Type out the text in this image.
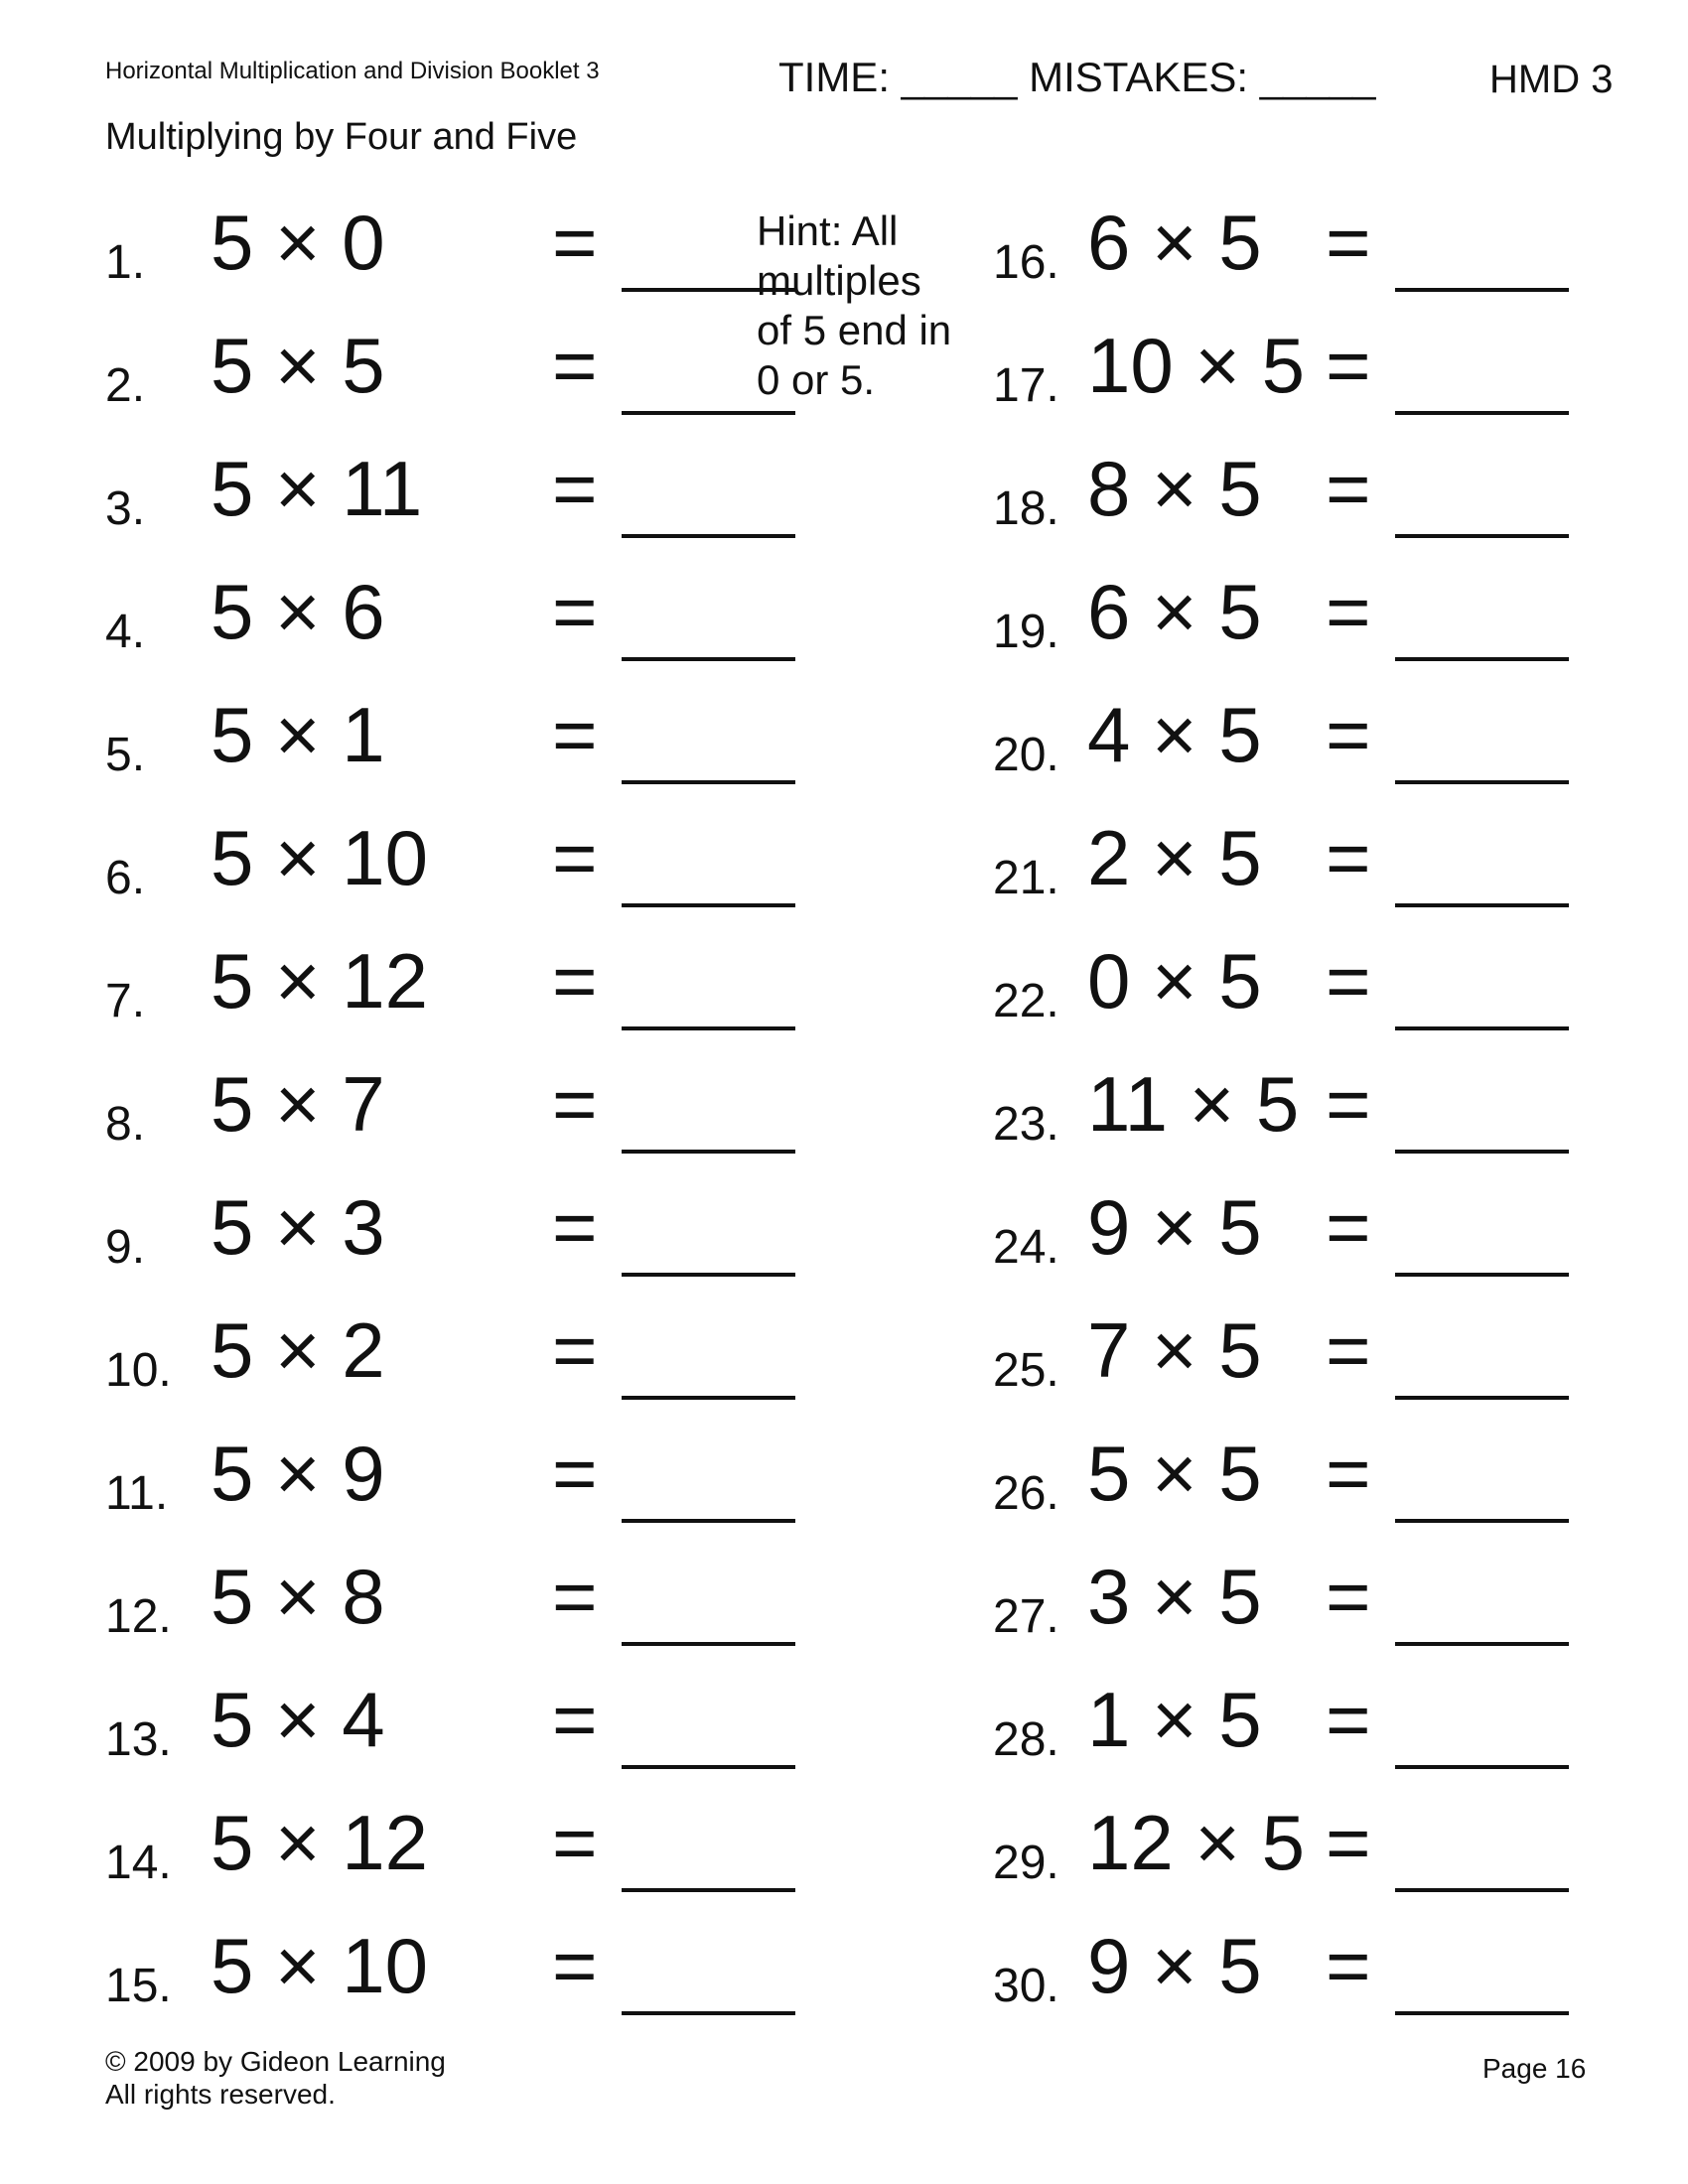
Horizontal Multiplication and Division Booklet 3	TIME: _____ MISTAKES: _____	HMD 3
Multiplying by Four and Five
Hint: All multiples of 5 end in 0 or 5.
1. 5 × 0 =
2. 5 × 5 =
3. 5 × 11 =
4. 5 × 6 =
5. 5 × 1 =
6. 5 × 10 =
7. 5 × 12 =
8. 5 × 7 =
9. 5 × 3 =
10. 5 × 2 =
11. 5 × 9 =
12. 5 × 8 =
13. 5 × 4 =
14. 5 × 12 =
15. 5 × 10 =
16. 6 × 5 =
17. 10 × 5 =
18. 8 × 5 =
19. 6 × 5 =
20. 4 × 5 =
21. 2 × 5 =
22. 0 × 5 =
23. 11 × 5 =
24. 9 × 5 =
25. 7 × 5 =
26. 5 × 5 =
27. 3 × 5 =
28. 1 × 5 =
29. 12 × 5 =
30. 9 × 5 =
© 2009 by Gideon Learning
All rights reserved.
Page 16
